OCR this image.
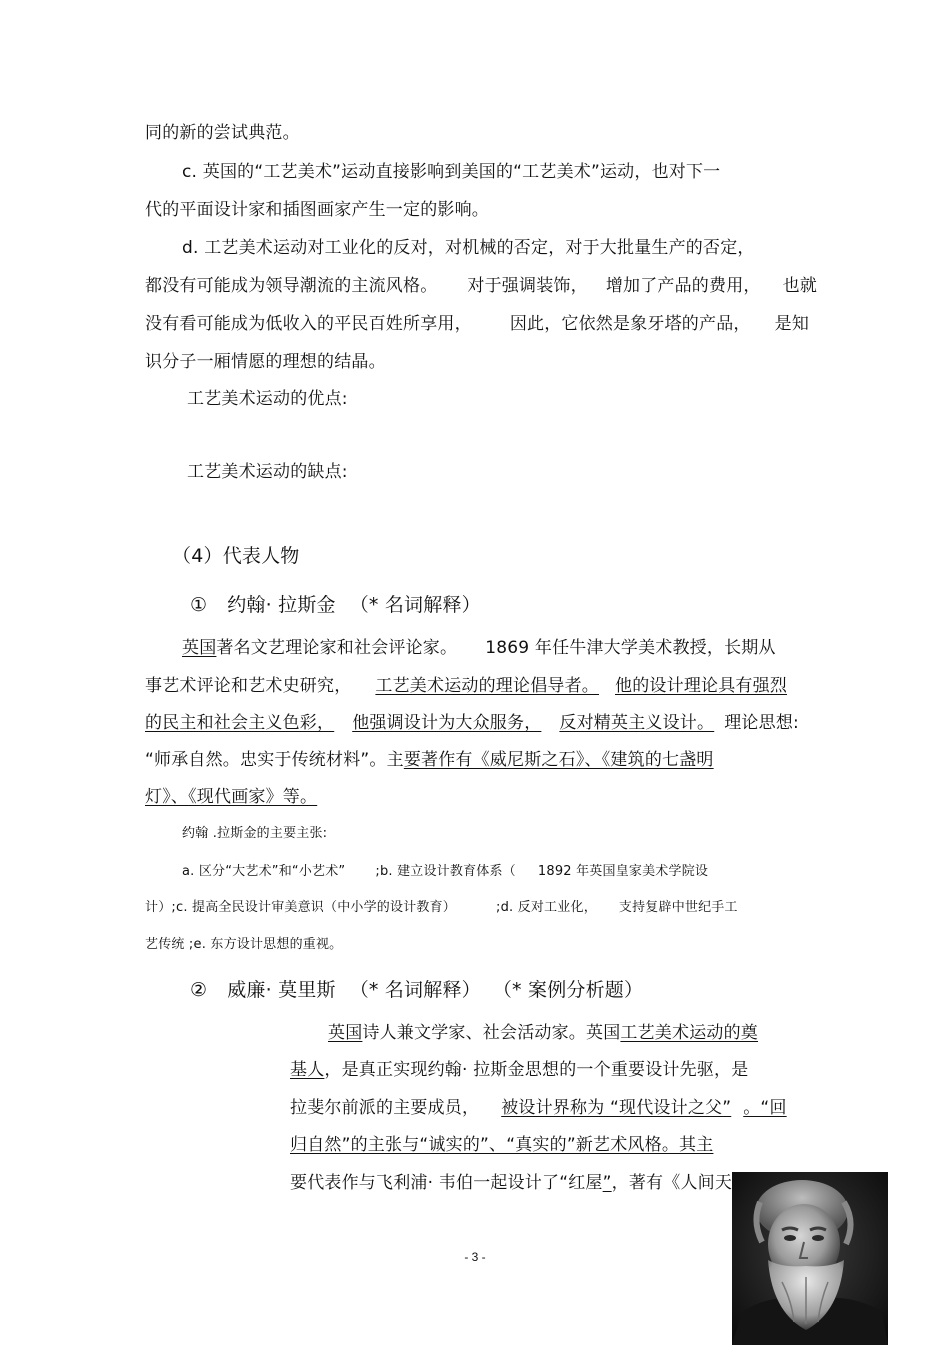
同的新的尝试典范。

c. 英国的“工艺美术”运动直接影响到美国的“工艺美术”运动，也对下一

代的平面设计家和插图画家产生一定的影响。

d. 工艺美术运动对工业化的反对，对机械的否定，对于大批量生产的否定，

都没有可能成为领导潮流的主流风格。 对于强调装饰， 增加了产品的费用， 也就

没有看可能成为低收入的平民百姓所享用， 因此，它依然是象牙塔的产品， 是知

识分子一厢情愿的理想的结晶。

工艺美术运动的优点:

工艺美术运动的缺点:

（4）代表人物

① 约翰· 拉斯金 （* 名词解释）

英国著名文艺理论家和社会评论家。 1869 年任牛津大学美术教授，长期从

事艺术评论和艺术史研究， 工艺美术运动的理论倡导者。 他的设计理论具有强烈

的民主和社会主义色彩， 他强调设计为大众服务， 反对精英主义设计。 理论思想:

“师承自然。忠实于传统材料”。主要著作有《威尼斯之石》、《建筑的七盏明

灯》、《现代画家》等。

约翰 .拉斯金的主要主张:

a. 区分“大艺术”和“小艺术” ;b. 建立设计教育体系（ 1892 年英国皇家美术学院设

计）;c. 提高全民设计审美意识（中小学的设计教育）	;d. 反对工业化， 支持复辟中世纪手工

艺传统 ;e. 东方设计思想的重视。

② 威廉· 莫里斯 （* 名词解释） （* 案例分析题）

英国诗人兼文学家、社会活动家。英国工艺美术运动的奠

基人，是真正实现约翰· 拉斯金思想的一个重要设计先驱，是

拉斐尔前派的主要成员， 被设计界称为 “现代设计之父” 。“回

归自然”的主张与“诚实的”、“真实的”新艺术风格。其主

要代表作与飞利浦· 韦伯一起设计了“红屋”，著有《人间天

- 3 -
